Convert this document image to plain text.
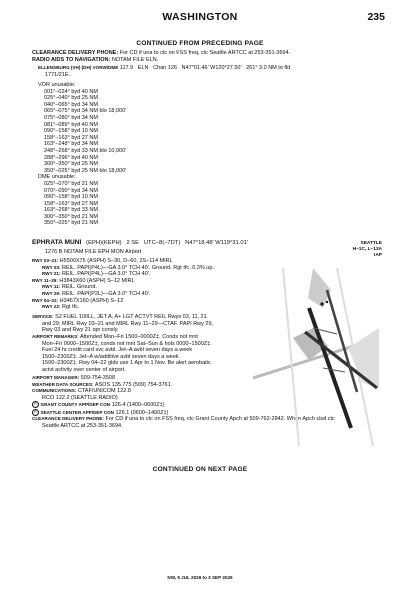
WASHINGTON	235
CONTINUED FROM PRECEDING PAGE
CLEARANCE DELIVERY PHONE: For CD if una to ctc on FSS freq, ctc Seattle ARTCC at 253-351-3694.
RADIO AIDS TO NAVIGATION: NOTAM FILE ELN.
ELLENSBURG (VH) (DH) VORW/DME 117.9 ELN Chan 126 N47°01.46′ W120°27.50′ 261° 3.0 NM to fld.
1771/21E.
VOR unusable:
001°–024° byd 40 NM
025°–040° byd 25 NM
040°–065° byd 34 NM
065°–075° byd 34 NM blo 18,000′
075°–080° byd 34 NM
081°–089° byd 40 NM
090°–158° byd 10 NM
158°–163° byd 27 NM
163°–248° byd 34 NM
248°–268° byd 33 NM blo 10,000′
288°–296° byd 40 NM
300°–350° byd 25 NM
350°–025° byd 25 NM blo 18,000′
DME unusable:
025°–070° byd 21 NM
070°–090° byd 34 NM
090°–158° byd 10 NM
158°–163° byd 27 NM
163°–268° byd 33 NM
300°–350° byd 21 NM
350°–025° byd 21 NM
EPHRATA MUNI (EPH)(KEPH) 2 SE UTC–8(–7DT) N47°18.48′ W119°31.01′	SEATTLE
H–1C, L–13A
IAP
1276 B NOTAM FILE EPH MON Airport
RWY 03–21: H5500X75 (ASPH) S–30, D–60, 2S–114 MIRL
RWY 03: REIL. PAPI(P4L)—GA 3.0° TCH 40′. Ground. Rgt tfc. 0.3% up.
RWY 21: REIL. PAPI(P4L)—GA 3.0° TCH 40′.
RWY 11–29: H3843X60 (ASPH) S–12 MIRL
RWY 11: REIL. Ground.
RWY 29: REIL. PAPI(P2L)—GA 3.0° TCH 40′.
RWY 04–22: H3467X160 (ASPH) S–12
RWY 22: Rgt tfc.
SERVICE: S2 FUEL 100LL, JET A, A+ LGT ACTVT REIL Rwys 03, 11, 21
and 29; MIRL Rwy 03–21 and MIRL Rwy 11–29—CTAF. PAPI Rwy 29,
Rwy 03 and Rwy 21 opr consly.
AIRPORT REMARKS: Attended Mon–Fri 1500–0000Z‡. Conds not mnt
Mon–Fri 0000–1500Z‡, conds not mnt Sat–Sun & hols 0000–1500Z‡.
Fuel 24 hr credit card svc avbl. Jet–A avbl seven days a week
1500–2300Z‡. Jet–A w/additive avbl seven days a week
1500–2300Z‡. Rwy 04–22 glds use 1 Apr to 1 Nov. Be alert aerobatic
actvt activity over center of airport.
AIRPORT MANAGER: 509-754-3508
WEATHER DATA SOURCES: ASOS 135.775 (509) 754-3761.
COMMUNICATIONS: CTAF/UNICOM 122.8
RCO 122.2 (SEATTLE RADIO)
R GRANT COUNTY APP/DEP CON 126.4 (1400–0600Z‡)
R SEATTLE CENTER APP/DEP CON 126.1 (0600–1400Z‡)
CLEARANCE DELIVERY PHONE: For CD if una to ctc on FSS freq, ctc Grant County Apch at 509-762-2842. When Apch clsd ctc
Seattle ARTCC at 253-351-3694.
CONTINUED ON NEXT PAGE
NW, 9 JUL 2026 to 3 SEP 2026
